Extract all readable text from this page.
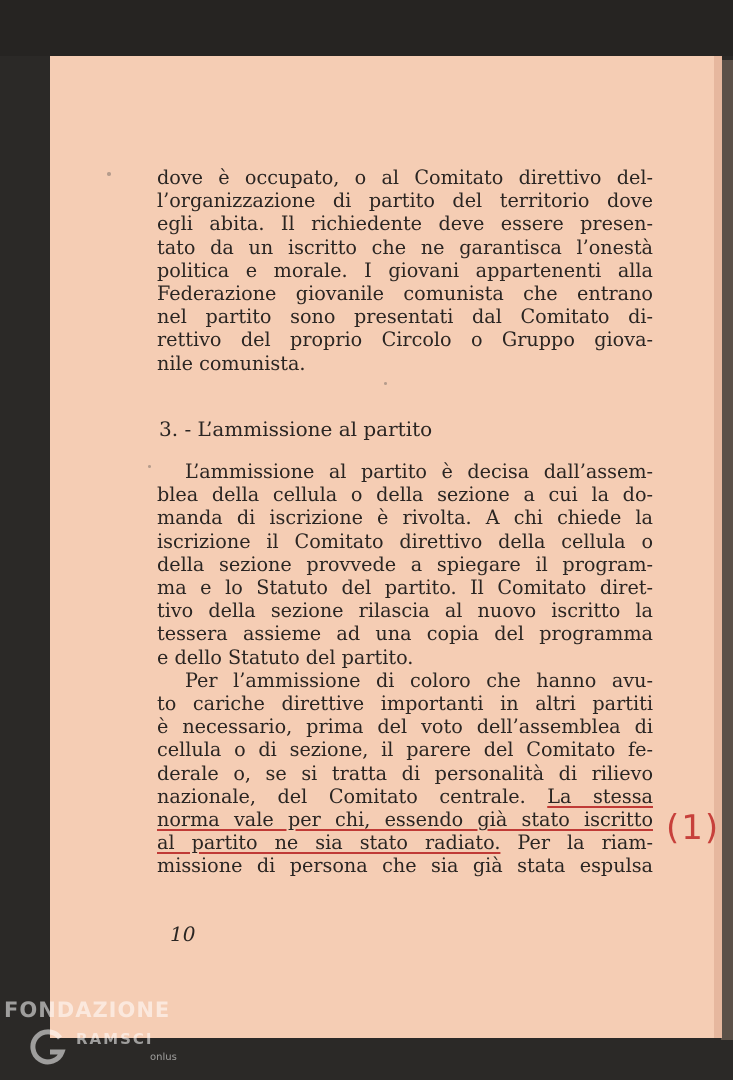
dove è occupato, o al Comitato direttivo del-
l’organizzazione di partito del territorio dove
egli abita. Il richiedente deve essere presen-
tato da un iscritto che ne garantisca l’onestà
politica e morale. I giovani appartenenti alla
Federazione giovanile comunista che entrano
nel partito sono presentati dal Comitato di-
rettivo del proprio Circolo o Gruppo giova-
nile comunista.
3. - L’ammissione al partito
L’ammissione al partito è decisa dall’assem-
blea della cellula o della sezione a cui la do-
manda di iscrizione è rivolta. A chi chiede la
iscrizione il Comitato direttivo della cellula o
della sezione provvede a spiegare il program-
ma e lo Statuto del partito. Il Comitato diret-
tivo della sezione rilascia al nuovo iscritto la
tessera assieme ad una copia del programma
e dello Statuto del partito.
Per l’ammissione di coloro che hanno avu-
to cariche direttive importanti in altri partiti
è necessario, prima del voto dell’assemblea di
cellula o di sezione, il parere del Comitato fe-
derale o, se si tratta di personalità di rilievo
nazionale, del Comitato centrale. La stessa
norma vale per chi, essendo già stato iscritto
al partito ne sia stato radiato. Per la riam-
missione di persona che sia già stata espulsa
10
(1)
FONDAZIONE
RAMSCI
onlus
